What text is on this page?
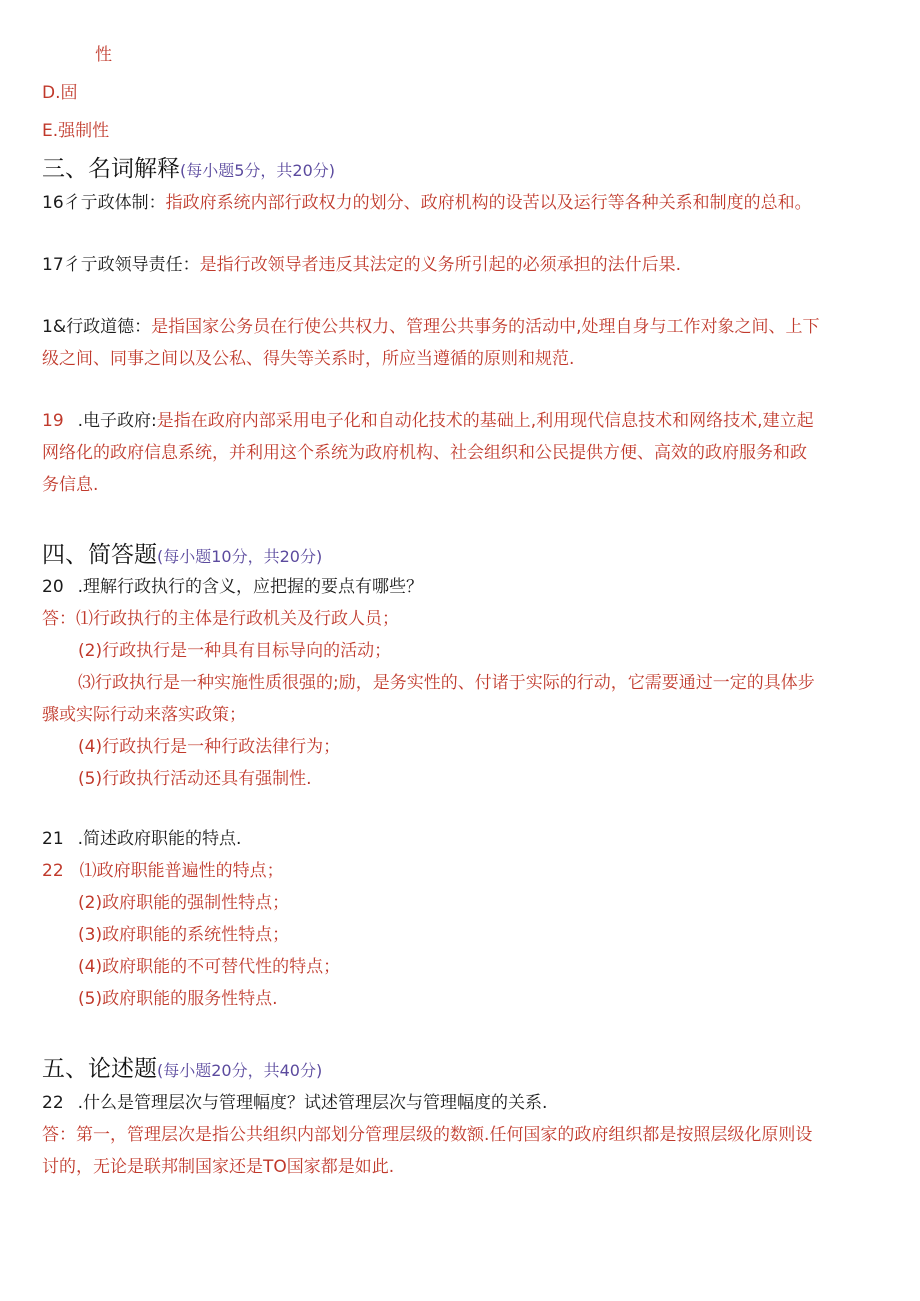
性
D.固
E.强制性
三、名词解释(每小题5分，共20分)
16彳亍政体制：指政府系统内部行政权力的划分、政府机构的设苦以及运行等各种关系和制度的总和。
17彳亍政领导责任：是指行改领导者违反其法定的义务所引起的必须承担的法什后果.
1&行政道德：是指国家公务员在行使公共权力、管理公共事务的活动中,处理自身与工作对象之间、上下
级之间、同事之间以及公私、得失等关系时，所应当遵循的原则和规范.
19 .电子政府:是指在政府内部采用电子化和自动化技术的基础上,利用现代信息技术和网络技术,建立起
网络化的政府信息系统，并利用这个系统为政府机构、社会组织和公民提供方便、高效的政府服务和政
务信息.
四、简答题(每小题10分，共20分)
20 .理解行政执行的含义，应把握的要点有哪些？
答：⑴行政执行的主体是行政机关及行政人员；
(2)行政执行是一种具有目标导向的活动；
⑶行政执行是一种实施性质很强的;励，是务实性的、付诸于实际的行动，它需要通过一定的具体步
骤或实际行动来落实政策；
(4)行政执行是一种行政法律行为；
(5)行政执行活动还具有强制性.
21 .简述政府职能的特点.
22 ⑴政府职能普遍性的特点；
(2)政府职能的强制性特点；
(3)政府职能的系统性特点；
(4)政府职能的不可替代性的特点；
(5)政府职能的服务性特点.
五、论述题(每小题20分，共40分)
22 .什么是管理层次与管理幅度？试述管理层次与管理幅度的关系.
答：第一，管理层次是指公共组织内部划分管理层级的数额.任何国家的政府组织都是按照层级化原则设
讨的，无论是联邦制国家还是TO国家都是如此.
